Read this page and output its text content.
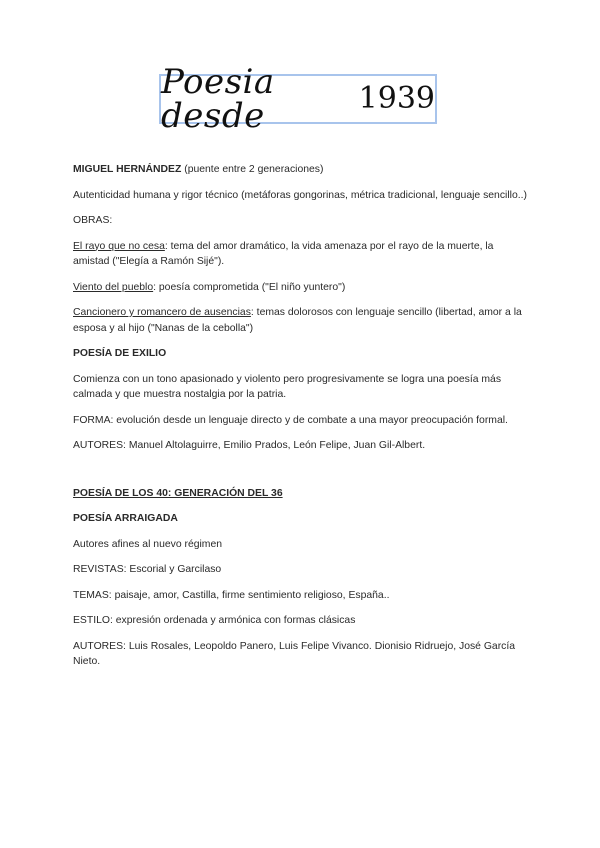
Poesia desde	1939

MIGUEL HERNÁNDEZ (puente entre 2 generaciones)

Autenticidad humana y rigor técnico (metáforas gongorinas, métrica tradicional, lenguaje sencillo..)

OBRAS:

El rayo que no cesa: tema del amor dramático, la vida amenaza por el rayo de la muerte, la amistad ("Elegía a Ramón Sijé").

Viento del pueblo: poesía comprometida ("El niño yuntero")

Cancionero y romancero de ausencias: temas dolorosos con lenguaje sencillo (libertad, amor a la esposa y al hijo ("Nanas de la cebolla")

POESÍA DE EXILIO

Comienza con un tono apasionado y violento pero progresivamente se logra una poesía más calmada y que muestra nostalgia por la patria.

FORMA: evolución desde un lenguaje directo y de combate a una mayor preocupación formal.

AUTORES: Manuel Altolaguirre, Emilio Prados, León Felipe, Juan Gil-Albert.

POESÍA DE LOS 40: GENERACIÓN DEL 36

POESÍA ARRAIGADA

Autores afines al nuevo régimen

REVISTAS: Escorial y Garcilaso

TEMAS: paisaje, amor, Castilla, firme sentimiento religioso, España..

ESTILO: expresión ordenada y armónica con formas clásicas

AUTORES: Luis Rosales, Leopoldo Panero, Luis Felipe Vivanco. Dionisio Ridruejo, José García Nieto.
